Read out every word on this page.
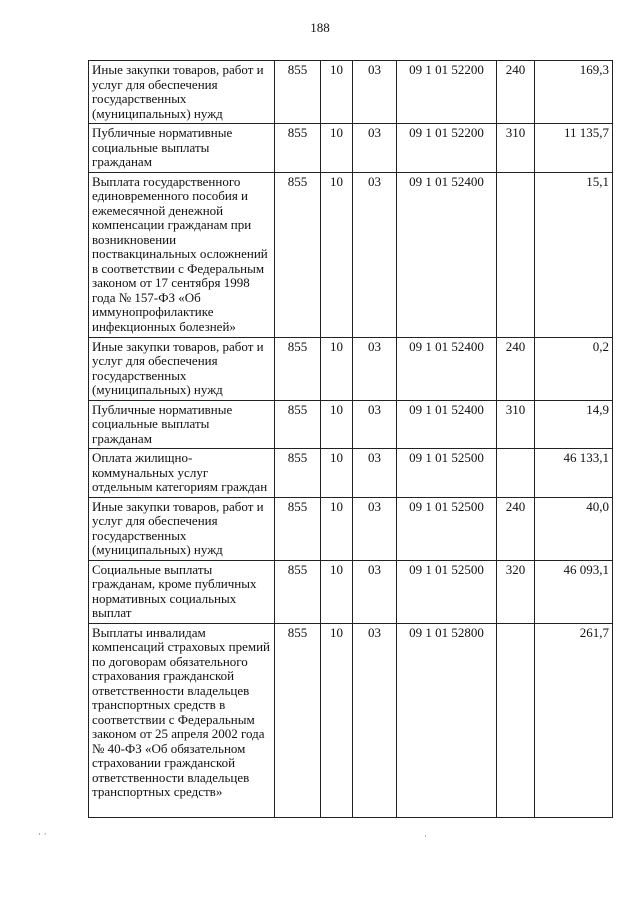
188
Иные закупки товаров, работ и услуг для обеспечения государственных (муниципальных) нужд	855	10	03	09 1 01 52200	240	169,3
Публичные нормативные социальные выплаты гражданам	855	10	03	09 1 01 52200	310	11 135,7
Выплата государственного единовременного пособия и ежемесячной денежной компенсации гражданам при возникновении поствакцинальных осложнений в соответствии с Федеральным законом от 17 сентября 1998 года № 157-ФЗ «Об иммунопрофилактике инфекционных болезней»	855	10	03	09 1 01 52400		15,1
Иные закупки товаров, работ и услуг для обеспечения государственных (муниципальных) нужд	855	10	03	09 1 01 52400	240	0,2
Публичные нормативные социальные выплаты гражданам	855	10	03	09 1 01 52400	310	14,9
Оплата жилищно-коммунальных услуг отдельным категориям граждан	855	10	03	09 1 01 52500		46 133,1
Иные закупки товаров, работ и услуг для обеспечения государственных (муниципальных) нужд	855	10	03	09 1 01 52500	240	40,0
Социальные выплаты гражданам, кроме публичных нормативных социальных выплат	855	10	03	09 1 01 52500	320	46 093,1
Выплаты инвалидам компенсаций страховых премий по договорам обязательного страхования гражданской ответственности владельцев транспортных средств в соответствии с Федеральным законом от 25 апреля 2002 года № 40-ФЗ «Об обязательном страховании гражданской ответственности владельцев транспортных средств»	855	10	03	09 1 01 52800		261,7
· ·	·
